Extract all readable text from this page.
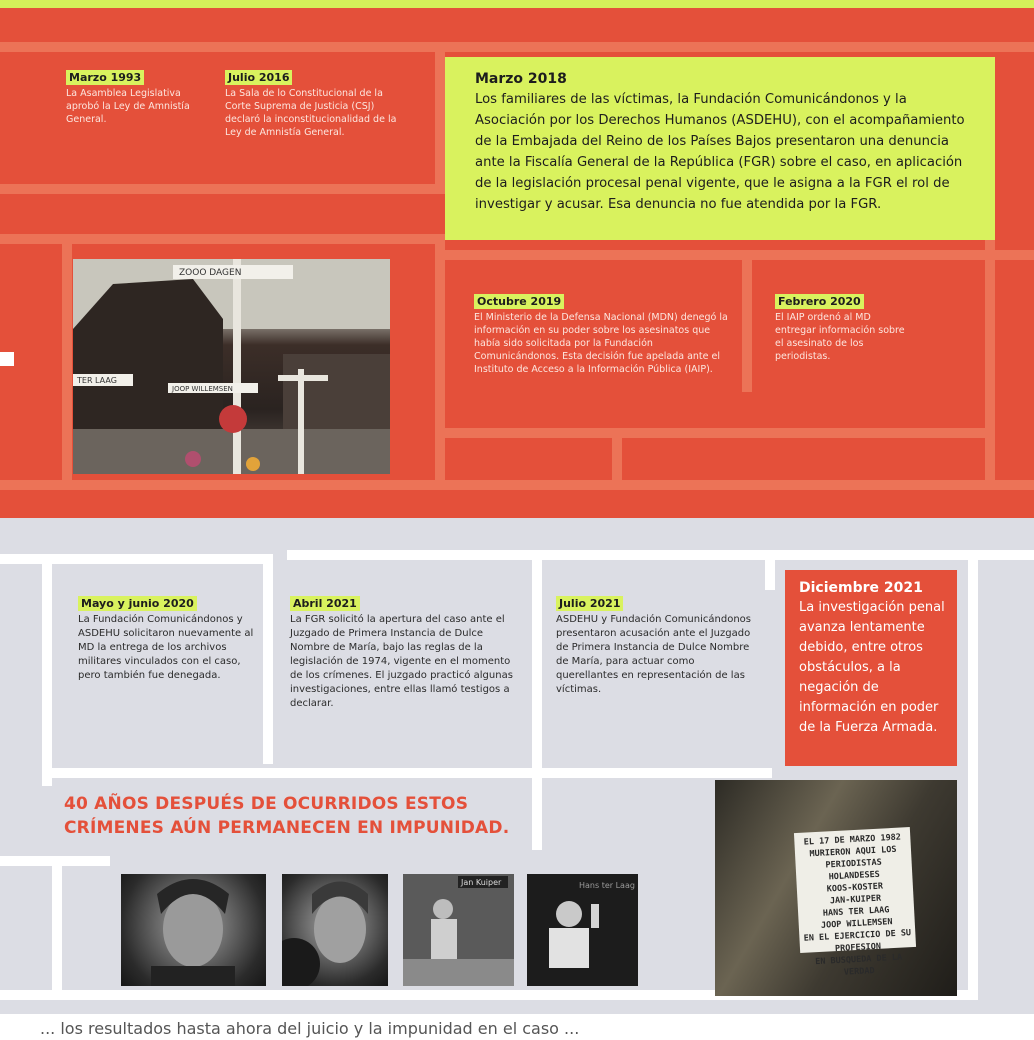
Marzo 1993
La Asamblea Legislativa aprobó la Ley de Amnistía General.
Julio 2016
La Sala de lo Constitucional de la Corte Suprema de Justicia (CSJ) declaró la inconstitucionalidad de la Ley de Amnistía General.
Marzo 2018
Los familiares de las víctimas, la Fundación Comunicándonos y la Asociación por los Derechos Humanos (ASDEHU), con el acompañamiento de la Embajada del Reino de los Países Bajos presentaron una denuncia ante la Fiscalía General de la República (FGR) sobre el caso, en aplicación de la legislación procesal penal vigente, que le asigna a la FGR el rol de investigar y acusar. Esa denuncia no fue atendida por la FGR.
ZOOO DAGEN
TER LAAG
JOOP WILLEMSEN
Octubre 2019
El Ministerio de la Defensa Nacional (MDN) denegó la información en su poder sobre los asesinatos que había sido solicitada por la Fundación Comunicándonos. Esta decisión fue apelada ante el Instituto de Acceso a la Información Pública (IAIP).
Febrero 2020
El IAIP ordenó al MD entregar información sobre el asesinato de los periodistas.
Mayo y junio 2020
La Fundación Comunicándonos y ASDEHU solicitaron nuevamente al MD la entrega de los archivos militares vinculados con el caso, pero también fue denegada.
Abril 2021
La FGR solicitó la apertura del caso ante el Juzgado de Primera Instancia de Dulce Nombre de María, bajo las reglas de la legislación de 1974, vigente en el momento de los crímenes. El juzgado practicó algunas investigaciones, entre ellas llamó testigos a declarar.
Julio 2021
ASDEHU y Fundación Comunicándonos presentaron acusación ante el Juzgado de Primera Instancia de Dulce Nombre de María, para actuar como querellantes en representación de las víctimas.
Diciembre 2021
La investigación penal avanza lentamente debido, entre otros obstáculos, a la negación de información en poder de la Fuerza Armada.
40 AÑOS DESPUÉS DE OCURRIDOS ESTOS
CRÍMENES AÚN PERMANECEN EN IMPUNIDAD.
Jan Kuiper	Hans ter Laag
EL 17 DE MARZO 1982
MURIERON AQUI LOS
PERIODISTAS HOLANDESES
KOOS-KOSTER
JAN-KUIPER
HANS TER LAAG
JOOP WILLEMSEN
EN EL EJERCICIO DE SU PROFESION
EN BUSQUEDA DE LA VERDAD
... los resultados hasta ahora del juicio y la impunidad en el caso ...
